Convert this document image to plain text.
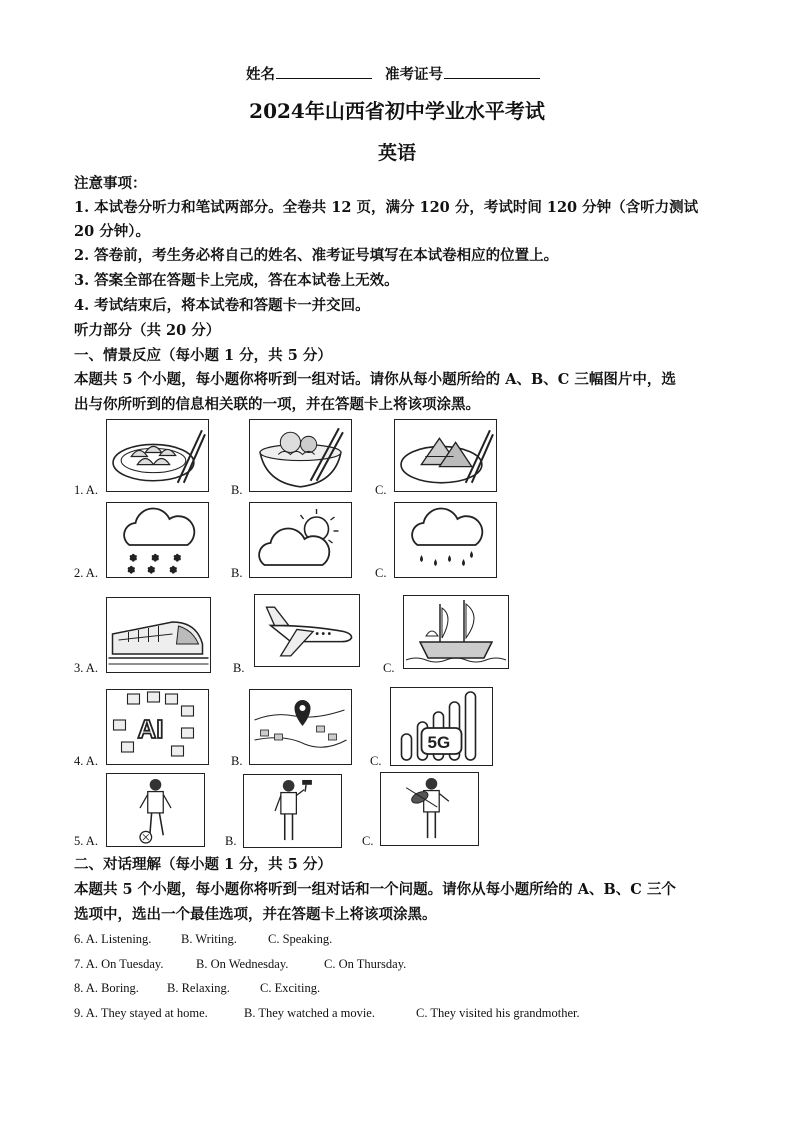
姓名	准考证号
2024年山西省初中学业水平考试
英语
注意事项：
1. 本试卷分听力和笔试两部分。全卷共 12 页，满分 120 分，考试时间 120 分钟（含听力测试
20 分钟）。
2. 答卷前，考生务必将自己的姓名、准考证号填写在本试卷相应的位置上。
3. 答案全部在答题卡上完成，答在本试卷上无效。
4. 考试结束后，将本试卷和答题卡一并交回。
听力部分（共 20 分）
一、情景反应（每小题 1 分，共 5 分）
本题共 5 个小题，每小题你将听到一组对话。请你从每小题所给的 A、B、C 三幅图片中，选
出与你所听到的信息相关联的一项，并在答题卡上将该项涂黑。
1. A.	B.	C.
2. A.
❄ ❄ ❄
❄ ❄ ❄	B.	C.
3. A.	B.	C.
4. A.
AI
B.	C.
5G
5. A.	B.	C.
二、对话理解（每小题 1 分，共 5 分）
本题共 5 个小题，每小题你将听到一组对话和一个问题。请你从每小题所给的 A、B、C 三个
选项中，选出一个最佳选项，并在答题卡上将该项涂黑。
6. A. Listening. B. Writing. C. Speaking.
7. A. On Tuesday.	B. On Wednesday.	C. On Thursday.
8. A. Boring. B. Relaxing. C. Exciting.
9. A. They stayed at home.	B. They watched a movie.	C. They visited his grandmother.
